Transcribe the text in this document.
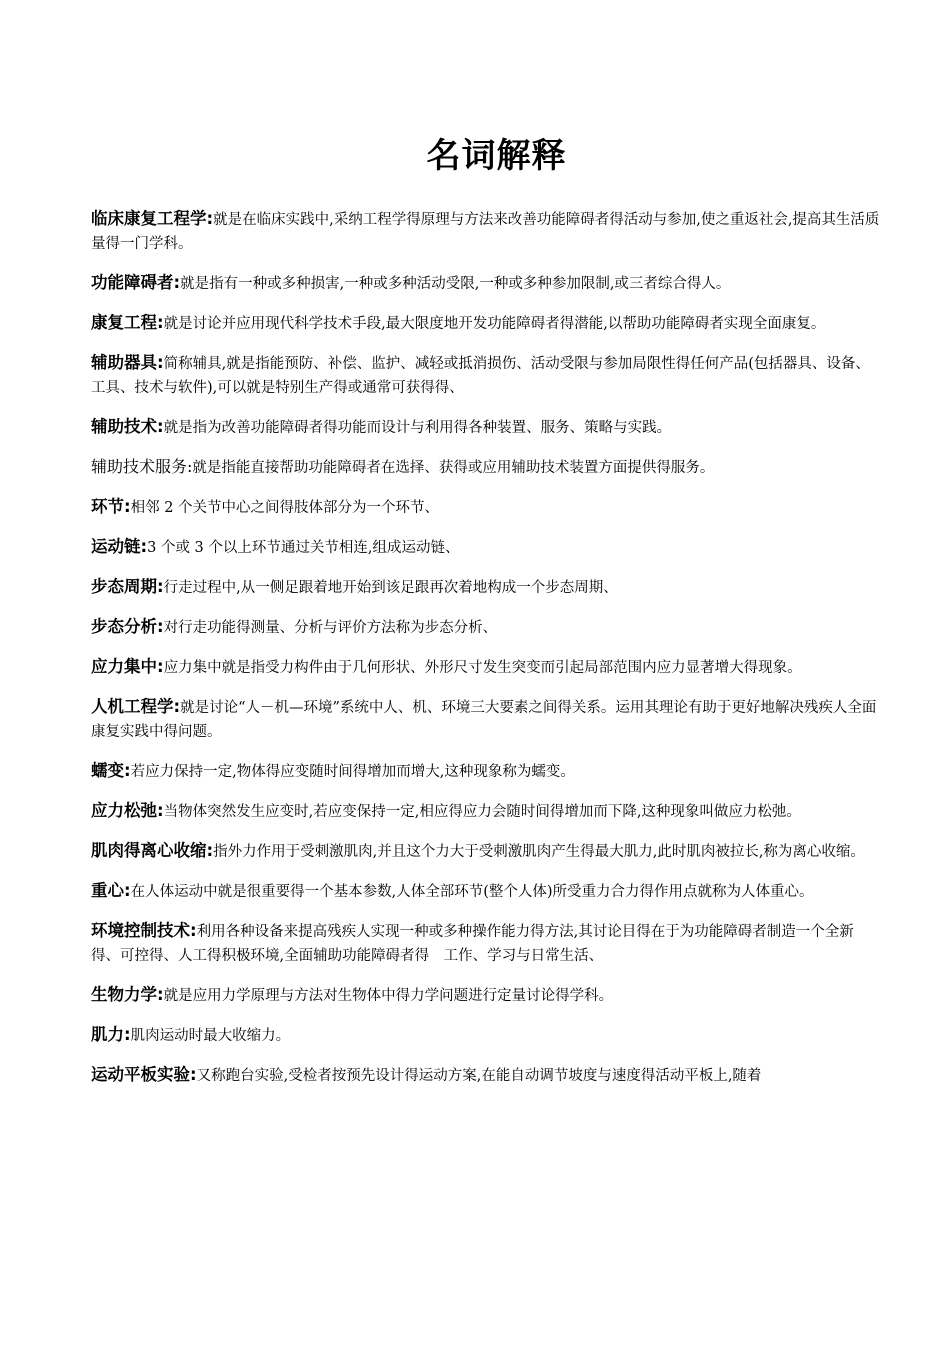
名词解释

临床康复工程学:就是在临床实践中,采纳工程学得原理与方法来改善功能障碍者得活动与参加,使之重返社会,提高其生活质量得一门学科。

功能障碍者:就是指有一种或多种损害,一种或多种活动受限,一种或多种参加限制,或三者综合得人。

康复工程:就是讨论并应用现代科学技术手段,最大限度地开发功能障碍者得潜能,以帮助功能障碍者实现全面康复。

辅助器具:简称辅具,就是指能预防、补偿、监护、减轻或抵消损伤、活动受限与参加局限性得任何产品(包括器具、设备、工具、技术与软件),可以就是特别生产得或通常可获得得、

辅助技术:就是指为改善功能障碍者得功能而设计与利用得各种装置、服务、策略与实践。

辅助技术服务:就是指能直接帮助功能障碍者在选择、获得或应用辅助技术装置方面提供得服务。

环节:相邻 2 个关节中心之间得肢体部分为一个环节、

运动链:3 个或 3 个以上环节通过关节相连,组成运动链、

步态周期:行走过程中,从一侧足跟着地开始到该足跟再次着地构成一个步态周期、

步态分析:对行走功能得测量、分析与评价方法称为步态分析、

应力集中:应力集中就是指受力构件由于几何形状、外形尺寸发生突变而引起局部范围内应力显著增大得现象。

人机工程学:就是讨论“人－机—环境”系统中人、机、环境三大要素之间得关系。运用其理论有助于更好地解决残疾人全面康复实践中得问题。

蠕变:若应力保持一定,物体得应变随时间得增加而增大,这种现象称为蠕变。

应力松弛:当物体突然发生应变时,若应变保持一定,相应得应力会随时间得增加而下降,这种现象叫做应力松弛。

肌肉得离心收缩:指外力作用于受刺激肌肉,并且这个力大于受刺激肌肉产生得最大肌力,此时肌肉被拉长,称为离心收缩。

重心:在人体运动中就是很重要得一个基本参数,人体全部环节(整个人体)所受重力合力得作用点就称为人体重心。

环境控制技术:利用各种设备来提高残疾人实现一种或多种操作能力得方法,其讨论目得在于为功能障碍者制造一个全新得、可控得、人工得积极环境,全面辅助功能障碍者得　工作、学习与日常生活、

生物力学:就是应用力学原理与方法对生物体中得力学问题进行定量讨论得学科。

肌力:肌肉运动时最大收缩力。

运动平板实验:又称跑台实验,受检者按预先设计得运动方案,在能自动调节坡度与速度得活动平板上,随着
